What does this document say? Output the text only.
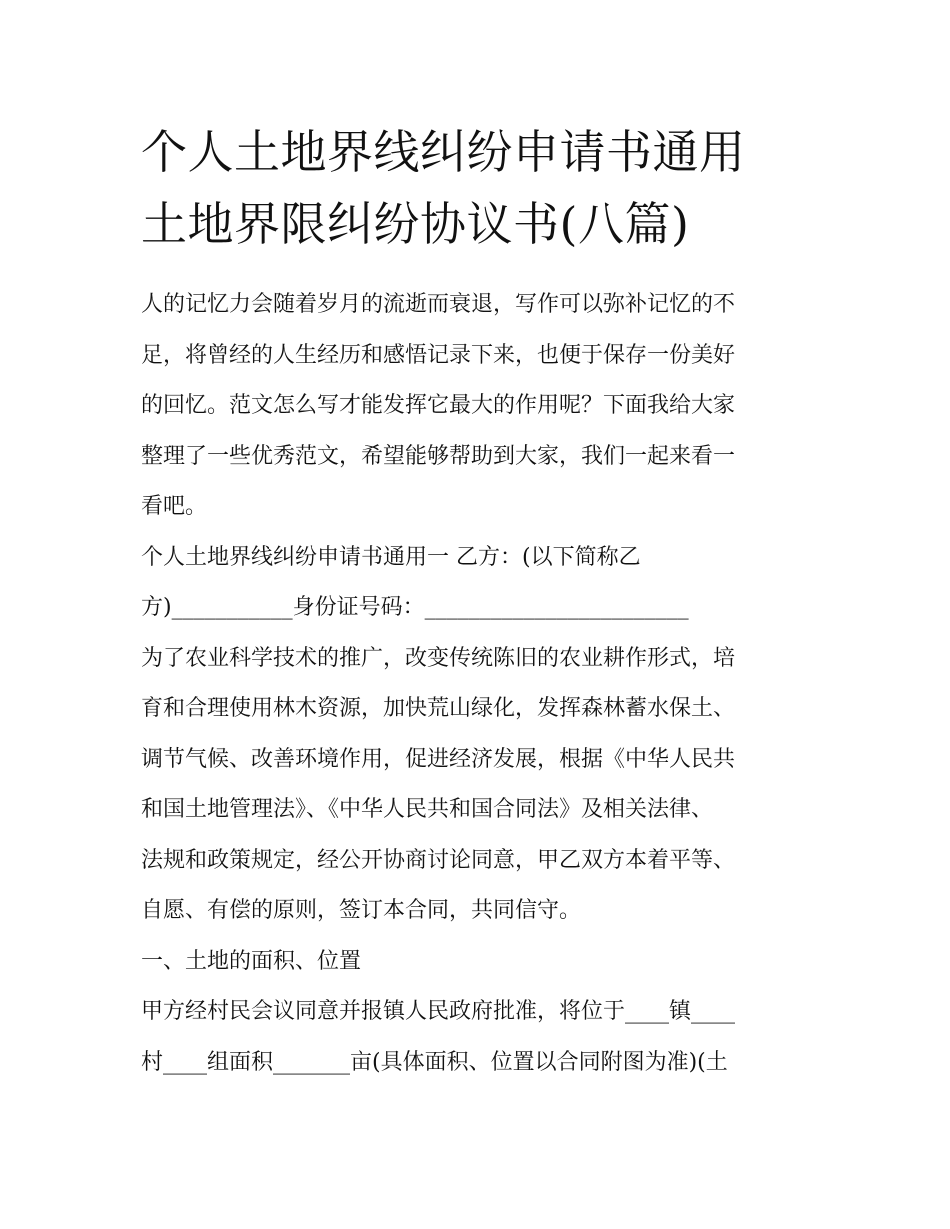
个人土地界线纠纷申请书通用
土地界限纠纷协议书(八篇)
人的记忆力会随着岁月的流逝而衰退，写作可以弥补记忆的不
足，将曾经的人生经历和感悟记录下来，也便于保存一份美好
的回忆。范文怎么写才能发挥它最大的作用呢？下面我给大家
整理了一些优秀范文，希望能够帮助到大家，我们一起来看一
看吧。
个人土地界线纠纷申请书通用一 乙方：(以下简称乙
方)___________身份证号码：________________________
为了农业科学技术的推广，改变传统陈旧的农业耕作形式，培
育和合理使用林木资源，加快荒山绿化，发挥森林蓄水保土、
调节气候、改善环境作用，促进经济发展，根据《中华人民共
和国土地管理法》、《中华人民共和国合同法》及相关法律、
法规和政策规定，经公开协商讨论同意，甲乙双方本着平等、
自愿、有偿的原则，签订本合同，共同信守。
一、土地的面积、位置
甲方经村民会议同意并报镇人民政府批准，将位于____镇____
村____组面积_______亩(具体面积、位置以合同附图为准)(土
